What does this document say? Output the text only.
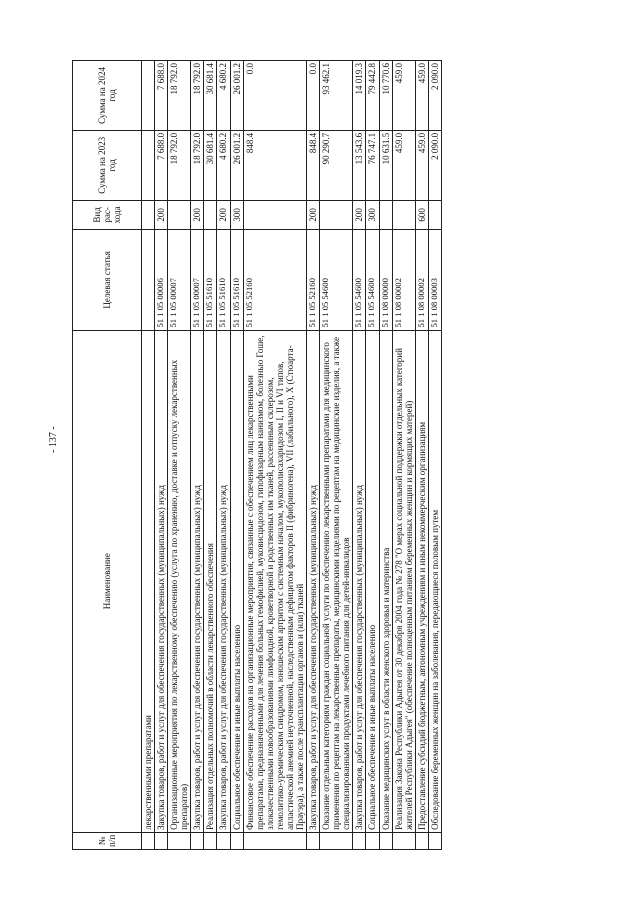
- 137 -
№ п/п	Наименование	Целевая статья	Вид рас- хода	Сумма на 2023 год	Сумма на 2024 год
	лекарственными препаратами				
	Закупка товаров, работ и услуг для обеспечения государственных (муниципальных) нужд	51 1 05 00006	200	7 688.0	7 688.0
	Организационные мероприятия по лекарственному обеспечению (услуга по хранению, доставке и отпуску лекарственных препаратов)	51 1 05 00007		18 792.0	18 792.0
	Закупка товаров, работ и услуг для обеспечения государственных (муниципальных) нужд	51 1 05 00007	200	18 792.0	18 792.0
	Реализация отдельных полномочий в области лекарственного обеспечения	51 1 05 51610		30 681.4	30 681.4
	Закупка товаров, работ и услуг для обеспечения государственных (муниципальных) нужд	51 1 05 51610	200	4 680.2	4 680.2
	Социальное обеспечение и иные выплаты населению	51 1 05 51610	300	26 001.2	26 001.2
	Финансовое обеспечение расходов на организационные мероприятия, связанные с обеспечением лиц лекарственными препаратами, предназначенными для лечения больных гемофилией, муковисцидозом, гипофизарным нанизмом, болезнью Гоше, злокачественными новообразованиями лимфоидной, кроветворной и родственных им тканей, рассеянным склерозом, гемолитико-уремическим синдромом, юношеским артритом с системным началом, мукополисахаридозом I, II и VI типов, апластической анемией неуточненной, наследственным дефицитом факторов II (фибриногена), VII (лабильного), X (Стюарта-Прауэра), а также после трансплантации органов и (или) тканей	51 1 05 52160		848.4	0.0
	Закупка товаров, работ и услуг для обеспечения государственных (муниципальных) нужд	51 1 05 52160	200	848.4	0.0
	Оказание отдельным категориям граждан социальной услуги по обеспечению лекарственными препаратами для медицинского применения по рецептам на лекарственные препараты, медицинскими изделиями по рецептам на медицинские изделия, а также специализированными продуктами лечебного питания для детей-инвалидов	51 1 05 54600		90 290.7	93 462.1
	Закупка товаров, работ и услуг для обеспечения государственных (муниципальных) нужд	51 1 05 54600	200	13 543.6	14 019.3
	Социальное обеспечение и иные выплаты населению	51 1 05 54600	300	76 747.1	79 442.8
	Оказание медицинских услуг в области женского здоровья и материнства	51 1 08 00000		10 631.5	10 770.6
	Реализация Закона Республики Адыгея от 30 декабря 2004 года № 278 "О мерах социальной поддержки отдельных категорий жителей Республики Адыгея" (обеспечение полноценным питанием беременных женщин и кормящих матерей)	51 1 08 00002		459.0	459.0
	Предоставление субсидий бюджетным, автономным учреждениям и иным некоммерческим организациям	51 1 08 00002	600	459.0	459.0
	Обследование беременных женщин на заболевания, передающиеся половым путем	51 1 08 00003		2 090.0	2 090.0
